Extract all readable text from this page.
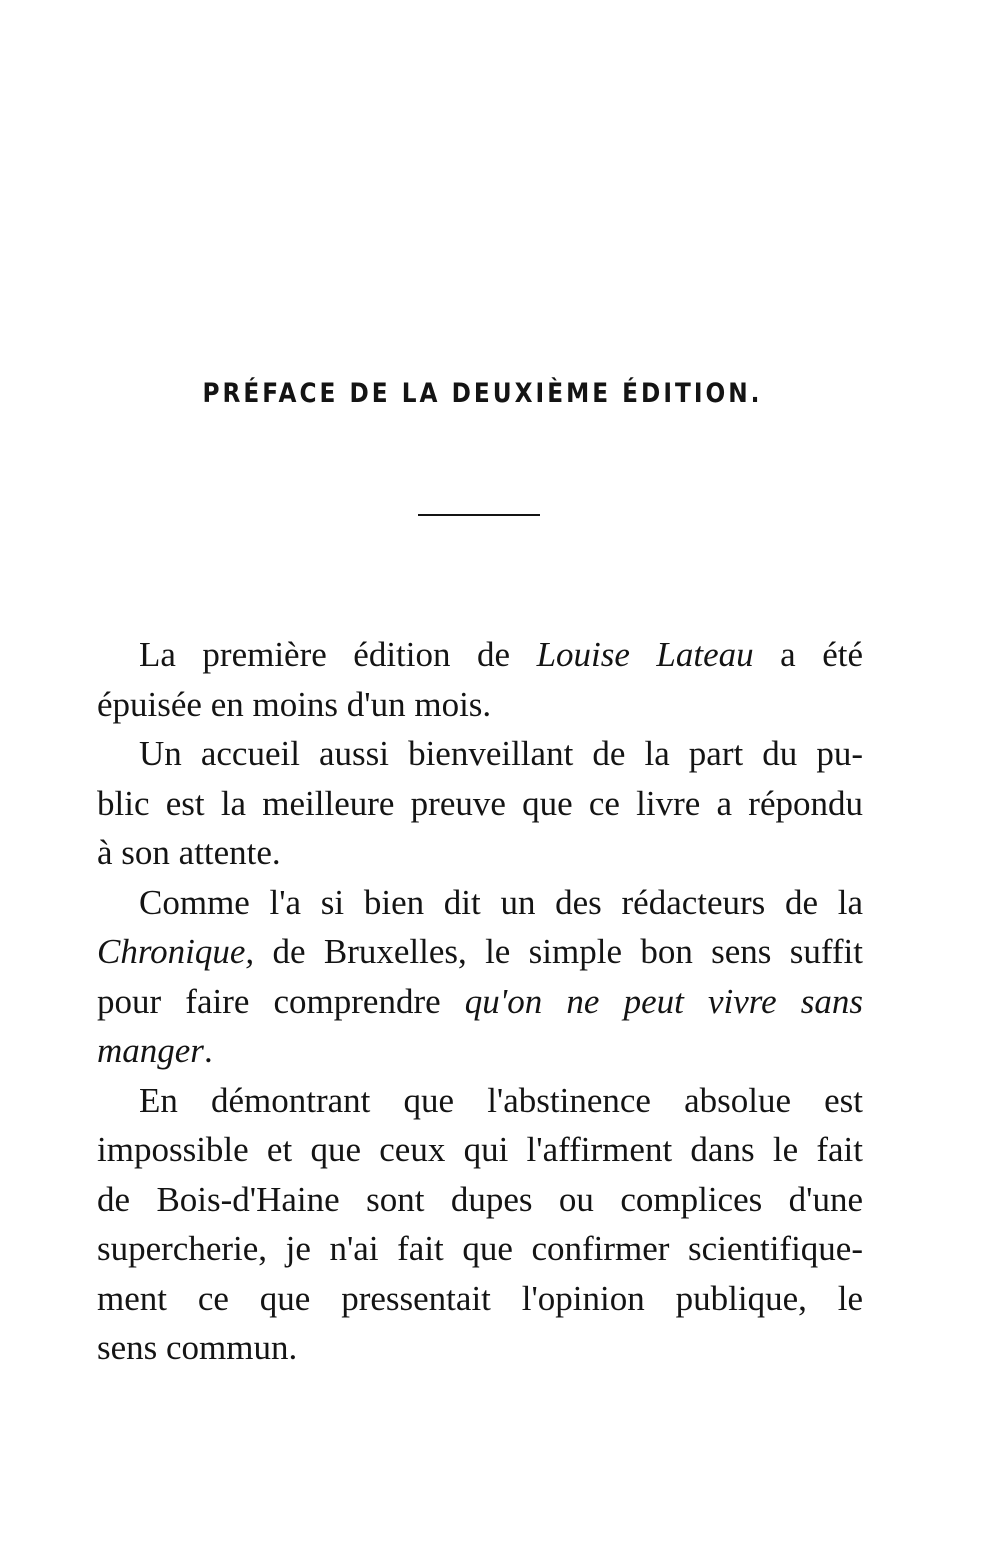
PRÉFACE DE LA DEUXIÈME ÉDITION.
La première édition de Louise Lateau a été
épuisée en moins d'un mois.
Un accueil aussi bienveillant de la part du pu-
blic est la meilleure preuve que ce livre a répondu
à son attente.
Comme l'a si bien dit un des rédacteurs de la
Chronique, de Bruxelles, le simple bon sens suffit
pour faire comprendre qu'on ne peut vivre sans
manger.
En démontrant que l'abstinence absolue est
impossible et que ceux qui l'affirment dans le fait
de Bois-d'Haine sont dupes ou complices d'une
supercherie, je n'ai fait que confirmer scientifique-
ment ce que pressentait l'opinion publique, le
sens commun.
